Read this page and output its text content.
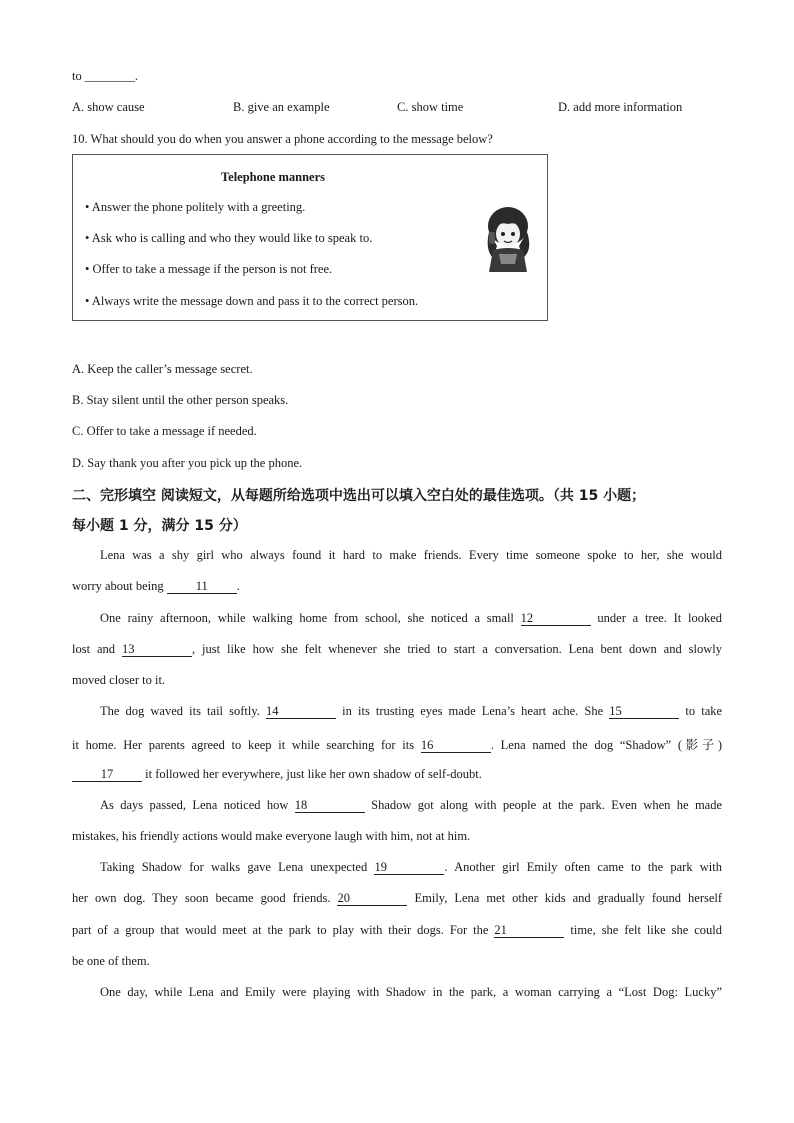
to ________.
A. show cause	B. give an example	C. show time	D. add more information
10. What should you do when you answer a phone according to the message below?
Telephone manners
• Answer the phone politely with a greeting.
• Ask who is calling and who they would like to speak to.
• Offer to take a message if the person is not free.
• Always write the message down and pass it to the correct person.
A. Keep the caller’s message secret.
B. Stay silent until the other person speaks.
C. Offer to take a message if needed.
D. Say thank you after you pick up the phone.
二、完形填空 阅读短文，从每题所给选项中选出可以填入空白处的最佳选项。（共 15 小题；
每小题 1 分，满分 15 分）
Lena was a shy girl who always found it hard to make friends. Every time someone spoke to her, she would
worry about being	11 .
One rainy afternoon, while walking home from school, she noticed a small 12	under a tree. It looked
lost and 13	, just like how she felt whenever she tried to start a conversation. Lena bent down and slowly
moved closer to it.
The dog waved its tail softly. 14	in its trusting eyes made Lena’s heart ache. She 15	to take
it home. Her parents agreed to keep it while searching for its 16	. Lena named the dog “Shadow” (影子)
17	it followed her everywhere, just like her own shadow of self-doubt.
As days passed, Lena noticed how 18	Shadow got along with people at the park. Even when he made
mistakes, his friendly actions would make everyone laugh with him, not at him.
Taking Shadow for walks gave Lena unexpected 19	. Another girl Emily often came to the park with
her own dog. They soon became good friends. 20	Emily, Lena met other kids and gradually found herself
part of a group that would meet at the park to play with their dogs. For the 21	time, she felt like she could
be one of them.
One day, while Lena and Emily were playing with Shadow in the park, a woman carrying a “Lost Dog: Lucky”
